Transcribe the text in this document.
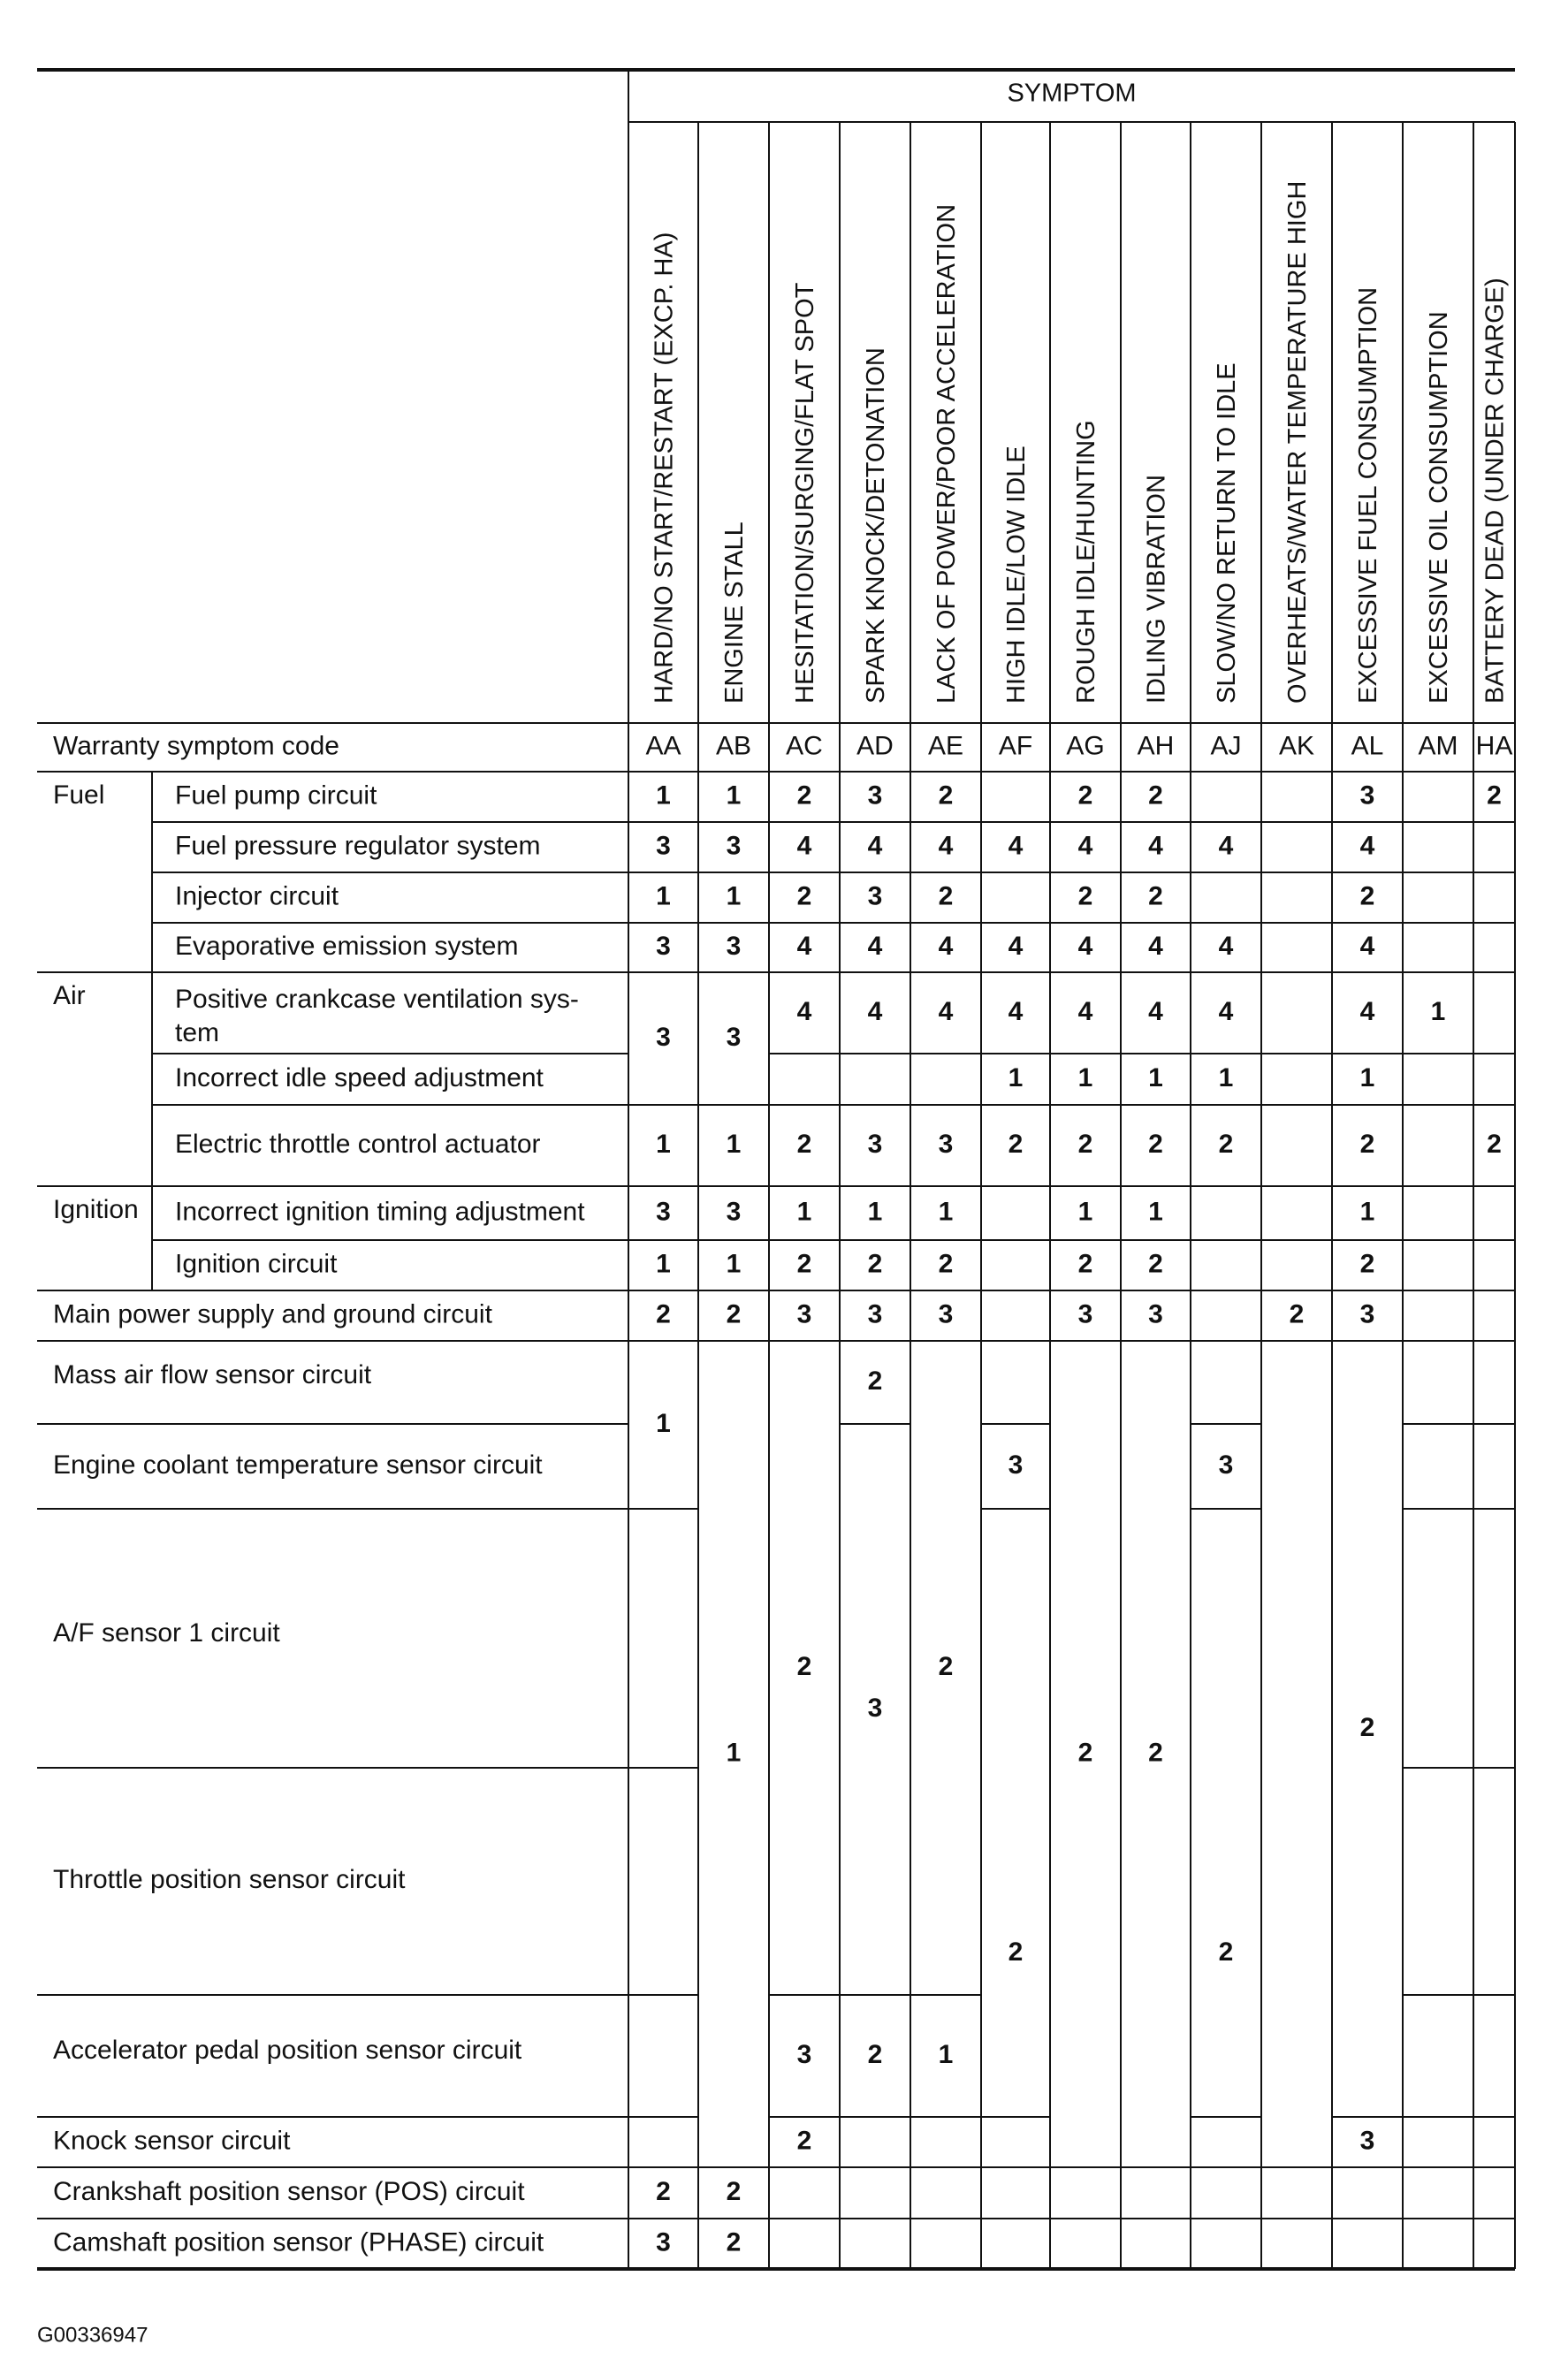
SYMPTOM
HARD/NO START/RESTART (EXCP. HA) ENGINE STALL HESITATION/SURGING/FLAT SPOT SPARK KNOCK/DETONATION LACK OF POWER/POOR ACCELERATION HIGH IDLE/LOW IDLE ROUGH IDLE/HUNTING IDLING VIBRATION SLOW/NO RETURN TO IDLE OVERHEATS/WATER TEMPERATURE HIGH EXCESSIVE FUEL CONSUMPTION EXCESSIVE OIL CONSUMPTION BATTERY DEAD (UNDER CHARGE)
Warranty symptom code	AA AB AC AD AE AF AG AH AJ AK AL AM HA
Fuel
Air
Ignition
Fuel pump circuit
Fuel pressure regulator system
Injector circuit
Evaporative emission system
Positive crankcase ventilation sys-
tem
Incorrect idle speed adjustment
Electric throttle control actuator
Incorrect ignition timing adjustment
Ignition circuit
Main power supply and ground circuit
Mass air flow sensor circuit
Engine coolant temperature sensor circuit
A/F sensor 1 circuit
Throttle position sensor circuit
Accelerator pedal position sensor circuit
Knock sensor circuit
Crankshaft position sensor (POS) circuit
Camshaft position sensor (PHASE) circuit
1
3
1
3
3
1
3
1
2
1
2
3
1
3
1
3
3
1
3
1
2
1
2
2
2
4
2
4
4
2
1
2
3
2
3
2
3
4
3
4
4
3
1
2
3
2
3
2
2
4
2
4
4
3
1
2
3
2
1
4
4
4
1
2
3
2
2
4
2
4
4
1
2
1
2
3
2
2
4
2
4
4
1
2
1
2
3
2
4
4
4
1
2
3
2
2
3
4
2
4
4
1
2
1
2
3
2
3
1
2
2
G00336947
